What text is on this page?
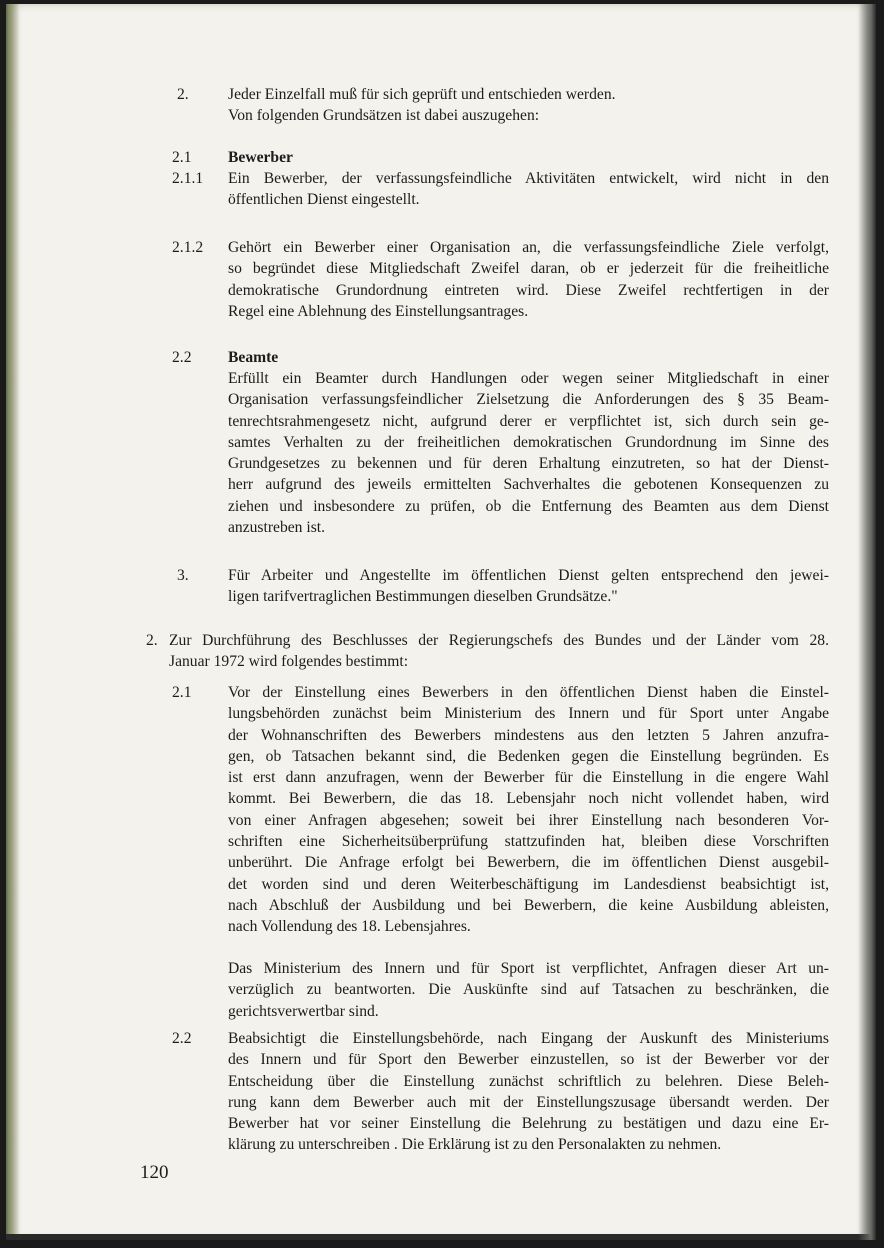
2.	Jeder Einzelfall muß für sich geprüft und entschieden werden.
Von folgenden Grundsätzen ist dabei auszugehen:

2.1 Bewerber

2.1.1 Ein Bewerber, der verfassungsfeindliche Aktivitäten entwickelt, wird nicht in den
öffentlichen Dienst eingestellt.

2.1.2 Gehört ein Bewerber einer Organisation an, die verfassungsfeindliche Ziele verfolgt,
so begründet diese Mitgliedschaft Zweifel daran, ob er jederzeit für die freiheitliche
demokratische Grundordnung eintreten wird. Diese Zweifel rechtfertigen in der
Regel eine Ablehnung des Einstellungsantrages.

2.2 Beamte

Erfüllt ein Beamter durch Handlungen oder wegen seiner Mitgliedschaft in einer
Organisation verfassungsfeindlicher Zielsetzung die Anforderungen des § 35 Beam-
tenrechtsrahmengesetz nicht, aufgrund derer er verpflichtet ist, sich durch sein ge-
samtes Verhalten zu der freiheitlichen demokratischen Grundordnung im Sinne des
Grundgesetzes zu bekennen und für deren Erhaltung einzutreten, so hat der Dienst-
herr aufgrund des jeweils ermittelten Sachverhaltes die gebotenen Konsequenzen zu
ziehen und insbesondere zu prüfen, ob die Entfernung des Beamten aus dem Dienst
anzustreben ist.

3.	Für Arbeiter und Angestellte im öffentlichen Dienst gelten entsprechend den jewei-
ligen tarifvertraglichen Bestimmungen dieselben Grundsätze."

2. Zur Durchführung des Beschlusses der Regierungschefs des Bundes und der Länder vom 28.
Januar 1972 wird folgendes bestimmt:

2.1 Vor der Einstellung eines Bewerbers in den öffentlichen Dienst haben die Einstel-
lungsbehörden zunächst beim Ministerium des Innern und für Sport unter Angabe
der Wohnanschriften des Bewerbers mindestens aus den letzten 5 Jahren anzufra-
gen, ob Tatsachen bekannt sind, die Bedenken gegen die Einstellung begründen. Es
ist erst dann anzufragen, wenn der Bewerber für die Einstellung in die engere Wahl
kommt. Bei Bewerbern, die das 18. Lebensjahr noch nicht vollendet haben, wird
von einer Anfragen abgesehen; soweit bei ihrer Einstellung nach besonderen Vor-
schriften eine Sicherheitsüberprüfung stattzufinden hat, bleiben diese Vorschriften
unberührt. Die Anfrage erfolgt bei Bewerbern, die im öffentlichen Dienst ausgebil-
det worden sind und deren Weiterbeschäftigung im Landesdienst beabsichtigt ist,
nach Abschluß der Ausbildung und bei Bewerbern, die keine Ausbildung ableisten,
nach Vollendung des 18. Lebensjahres.
Das Ministerium des Innern und für Sport ist verpflichtet, Anfragen dieser Art un-
verzüglich zu beantworten. Die Auskünfte sind auf Tatsachen zu beschränken, die
gerichtsverwertbar sind.

2.2 Beabsichtigt die Einstellungsbehörde, nach Eingang der Auskunft des Ministeriums
des Innern und für Sport den Bewerber einzustellen, so ist der Bewerber vor der
Entscheidung über die Einstellung zunächst schriftlich zu belehren. Diese Beleh-
rung kann dem Bewerber auch mit der Einstellungszusage übersandt werden. Der
Bewerber hat vor seiner Einstellung die Belehrung zu bestätigen und dazu eine Er-
klärung zu unterschreiben . Die Erklärung ist zu den Personalakten zu nehmen.

120
